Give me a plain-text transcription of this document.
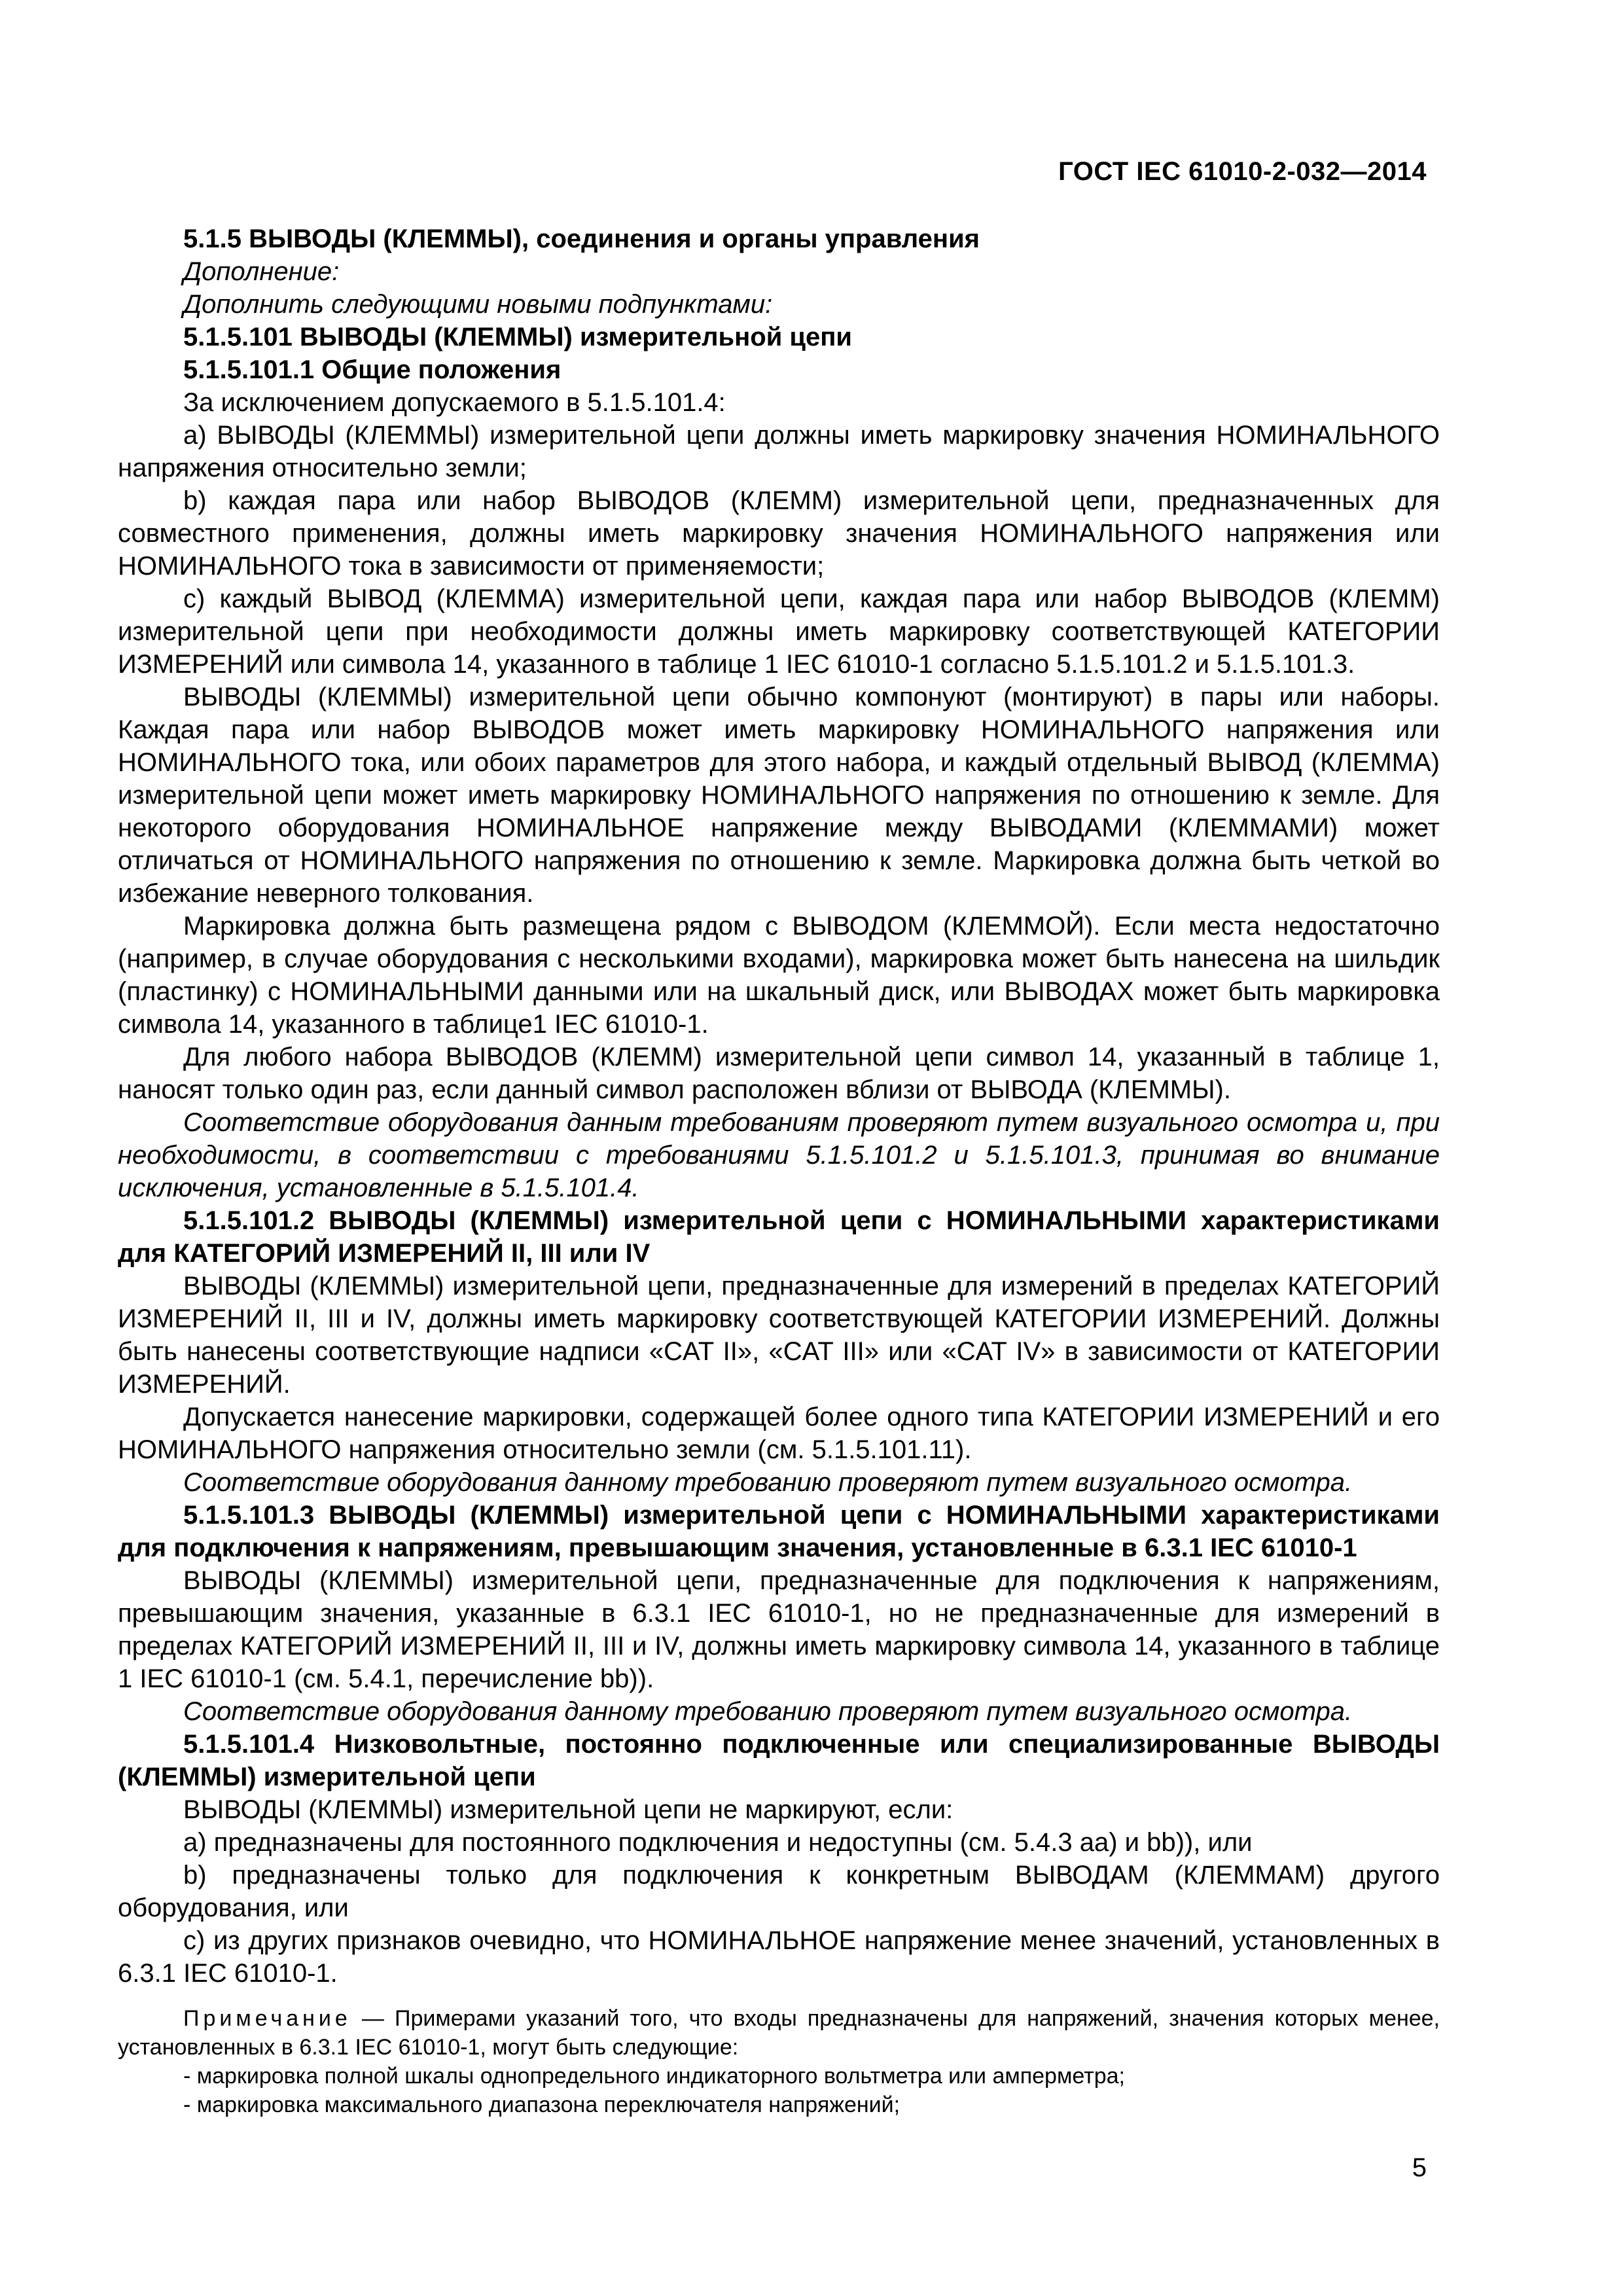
ГОСТ IEC 61010-2-032—2014

5.1.5 ВЫВОДЫ (КЛЕММЫ), соединения и органы управления

Дополнение:

Дополнить следующими новыми подпунктами:

5.1.5.101 ВЫВОДЫ (КЛЕММЫ) измерительной цепи

5.1.5.101.1 Общие положения

За исключением допускаемого в 5.1.5.101.4:

a) ВЫВОДЫ (КЛЕММЫ) измерительной цепи должны иметь маркировку значения НОМИНАЛЬНОГО напряжения относительно земли;

b) каждая пара или набор ВЫВОДОВ (КЛЕММ) измерительной цепи, предназначенных для совместного применения, должны иметь маркировку значения НОМИНАЛЬНОГО напряжения или НОМИНАЛЬНОГО тока в зависимости от применяемости;

c) каждый ВЫВОД (КЛЕММА) измерительной цепи, каждая пара или набор ВЫВОДОВ (КЛЕММ) измерительной цепи при необходимости должны иметь маркировку соответствующей КАТЕГОРИИ ИЗМЕРЕНИЙ или символа 14, указанного в таблице 1 IEC 61010-1 согласно 5.1.5.101.2 и 5.1.5.101.3.

ВЫВОДЫ (КЛЕММЫ) измерительной цепи обычно компонуют (монтируют) в пары или наборы. Каждая пара или набор ВЫВОДОВ может иметь маркировку НОМИНАЛЬНОГО напряжения или НОМИНАЛЬНОГО тока, или обоих параметров для этого набора, и каждый отдельный ВЫВОД (КЛЕММА) измерительной цепи может иметь маркировку НОМИНАЛЬНОГО напряжения по отношению к земле. Для некоторого оборудования НОМИНАЛЬНОЕ напряжение между ВЫВОДАМИ (КЛЕММАМИ) может отличаться от НОМИНАЛЬНОГО напряжения по отношению к земле. Маркировка должна быть четкой во избежание неверного толкования.

Маркировка должна быть размещена рядом с ВЫВОДОМ (КЛЕММОЙ). Если места недостаточно (например, в случае оборудования с несколькими входами), маркировка может быть нанесена на шильдик (пластинку) с НОМИНАЛЬНЫМИ данными или на шкальный диск, или ВЫВОДАХ может быть маркировка символа 14, указанного в таблице1 IEC 61010-1.

Для любого набора ВЫВОДОВ (КЛЕММ) измерительной цепи символ 14, указанный в таблице 1, наносят только один раз, если данный символ расположен вблизи от ВЫВОДА (КЛЕММЫ).

Соответствие оборудования данным требованиям проверяют путем визуального осмотра и, при необходимости, в соответствии с требованиями 5.1.5.101.2 и 5.1.5.101.3, принимая во внимание исключения, установленные в 5.1.5.101.4.

5.1.5.101.2 ВЫВОДЫ (КЛЕММЫ) измерительной цепи с НОМИНАЛЬНЫМИ характеристиками для КАТЕГОРИЙ ИЗМЕРЕНИЙ II, III или IV

ВЫВОДЫ (КЛЕММЫ) измерительной цепи, предназначенные для измерений в пределах КАТЕГОРИЙ ИЗМЕРЕНИЙ II, III и IV, должны иметь маркировку соответствующей КАТЕГОРИИ ИЗМЕРЕНИЙ. Должны быть нанесены соответствующие надписи «CAT II», «CAT III» или «CAT IV» в зависимости от КАТЕГОРИИ ИЗМЕРЕНИЙ.

Допускается нанесение маркировки, содержащей более одного типа КАТЕГОРИИ ИЗМЕРЕНИЙ и его НОМИНАЛЬНОГО напряжения относительно земли (см. 5.1.5.101.11).

Соответствие оборудования данному требованию проверяют путем визуального осмотра.

5.1.5.101.3 ВЫВОДЫ (КЛЕММЫ) измерительной цепи с НОМИНАЛЬНЫМИ характеристиками для подключения к напряжениям, превышающим значения, установленные в 6.3.1 IEC 61010-1

ВЫВОДЫ (КЛЕММЫ) измерительной цепи, предназначенные для подключения к напряжениям, превышающим значения, указанные в 6.3.1 IEC 61010-1, но не предназначенные для измерений в пределах КАТЕГОРИЙ ИЗМЕРЕНИЙ II, III и IV, должны иметь маркировку символа 14, указанного в таблице 1 IEC 61010-1 (см. 5.4.1, перечисление bb)).

Соответствие оборудования данному требованию проверяют путем визуального осмотра.

5.1.5.101.4 Низковольтные, постоянно подключенные или специализированные ВЫВОДЫ (КЛЕММЫ) измерительной цепи

ВЫВОДЫ (КЛЕММЫ) измерительной цепи не маркируют, если:

a) предназначены для постоянного подключения и недоступны (см. 5.4.3 aa) и bb)), или

b) предназначены только для подключения к конкретным ВЫВОДАМ (КЛЕММАМ) другого оборудования, или

c) из других признаков очевидно, что НОМИНАЛЬНОЕ напряжение менее значений, установленных в 6.3.1 IEC 61010-1.

Примечание — Примерами указаний того, что входы предназначены для напряжений, значения которых менее, установленных в 6.3.1 IEC 61010-1, могут быть следующие:

- маркировка полной шкалы однопредельного индикаторного вольтметра или амперметра;

- маркировка максимального диапазона переключателя напряжений;

5
